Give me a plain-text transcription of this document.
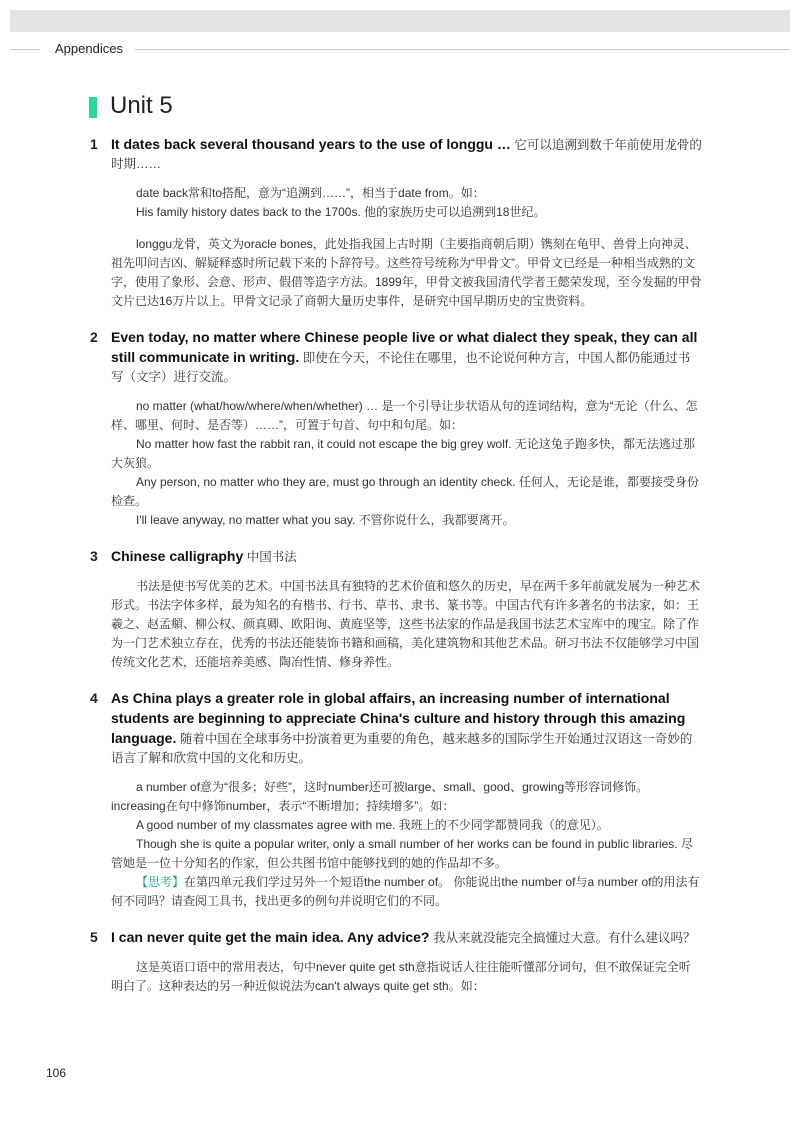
Appendices
Unit 5
1 It dates back several thousand years to the use of longgu … 它可以追溯到数千年前使用龙骨的时期……
date back常和to搭配，意为“追溯到……”，相当于date from。如：
His family history dates back to the 1700s. 他的家族历史可以追溯到18世纪。
longgu龙骨，英文为oracle bones，此处指我国上古时期（主要指商朝后期）镌刻在龟甲、兽骨上向神灵、祖先叩问吉凶、解疑释惑时所记载下来的卜辞符号。这些符号统称为“甲骨文”。甲骨文已经是一种相当成熟的文字，使用了象形、会意、形声、假借等造字方法。1899年，甲骨文被我国清代学者王懿荣发现，至今发掘的甲骨文片已达16万片以上。甲骨文记录了商朝大量历史事件，是研究中国早期历史的宝贵资料。
2 Even today, no matter where Chinese people live or what dialect they speak, they can all still communicate in writing. 即使在今天，不论住在哪里，也不论说何种方言，中国人都仍能通过书写（文字）进行交流。
no matter (what/how/where/when/whether) … 是一个引导让步状语从句的连词结构，意为“无论（什么、怎样、哪里、何时、是否等）……”，可置于句首、句中和句尾。如：
No matter how fast the rabbit ran, it could not escape the big grey wolf. 无论这兔子跑多快，都无法逃过那大灰狼。
Any person, no matter who they are, must go through an identity check. 任何人，无论是谁，都要接受身份检查。
I'll leave anyway, no matter what you say. 不管你说什么，我都要离开。
3 Chinese calligraphy 中国书法
书法是使书写优美的艺术。中国书法具有独特的艺术价值和悠久的历史，早在两千多年前就发展为一种艺术形式。书法字体多样，最为知名的有楷书、行书、草书、隶书、篆书等。中国古代有许多著名的书法家，如：王羲之、赵孟頫、柳公权、颜真卿、欧阳询、黄庭坚等，这些书法家的作品是我国书法艺术宝库中的瑰宝。除了作为一门艺术独立存在，优秀的书法还能装饰书籍和画稿，美化建筑物和其他艺术品。研习书法不仅能够学习中国传统文化艺术，还能培养美感、陶冶性情、修身养性。
4 As China plays a greater role in global affairs, an increasing number of international students are beginning to appreciate China's culture and history through this amazing language. 随着中国在全球事务中扮演着更为重要的角色，越来越多的国际学生开始通过汉语这一奇妙的语言了解和欣赏中国的文化和历史。
a number of意为“很多；好些”，这时number还可被large、small、good、growing等形容词修饰。increasing在句中修饰number，表示“不断增加；持续增多”。如：
A good number of my classmates agree with me. 我班上的不少同学都赞同我（的意见）。
Though she is quite a popular writer, only a small number of her works can be found in public libraries. 尽管她是一位十分知名的作家，但公共图书馆中能够找到的她的作品却不多。
【思考】在第四单元我们学过另外一个短语the number of。 你能说出the number of与a number of的用法有何不同吗？请查阅工具书，找出更多的例句并说明它们的不同。
5 I can never quite get the main idea. Any advice? 我从来就没能完全搞懂过大意。有什么建议吗？
这是英语口语中的常用表达，句中never quite get sth意指说话人往往能听懂部分词句，但不敢保证完全听明白了。这种表达的另一种近似说法为can't always quite get sth。如：
106
